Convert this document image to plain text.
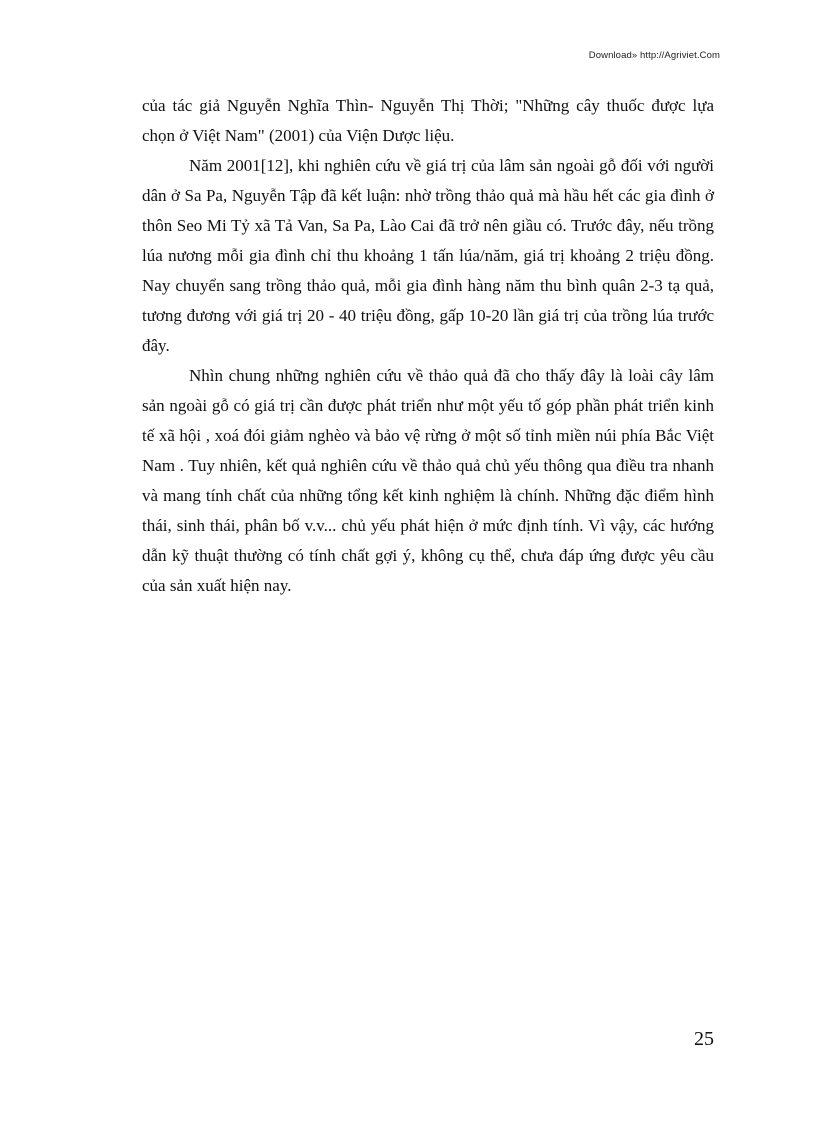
Download» http://Agriviet.Com

của tác giả Nguyễn Nghĩa Thìn- Nguyễn Thị Thời; "Những cây thuốc được lựa chọn ở Việt Nam" (2001) của Viện Dược liệu.

Năm 2001[12], khi nghiên cứu về giá trị của lâm sản ngoài gỗ đối với người dân ở Sa Pa, Nguyễn Tập đã kết luận: nhờ trồng thảo quả mà hầu hết các gia đình ở thôn Seo Mi Tỷ xã Tả Van, Sa Pa, Lào Cai đã trở nên giầu có. Trước đây, nếu trồng lúa nương mỗi gia đình chỉ thu khoảng 1 tấn lúa/năm, giá trị khoảng 2 triệu đồng. Nay chuyển sang trồng thảo quả, mỗi gia đình hàng năm thu bình quân 2-3 tạ quả, tương đương với giá trị 20 - 40 triệu đồng, gấp 10-20 lần giá trị của trồng lúa trước đây.

Nhìn chung những nghiên cứu về thảo quả đã cho thấy đây là loài cây lâm sản ngoài gỗ có giá trị cần được phát triển như một yếu tố góp phần phát triển kinh tế xã hội , xoá đói giảm nghèo và bảo vệ rừng ở một số tỉnh miền núi phía Bắc Việt Nam . Tuy nhiên, kết quả nghiên cứu về thảo quả chủ yếu thông qua điều tra nhanh và mang tính chất của những tổng kết kinh nghiệm là chính. Những đặc điểm hình thái, sinh thái, phân bố v.v... chủ yếu phát hiện ở mức định tính. Vì vậy, các hướng dẫn kỹ thuật thường có tính chất gợi ý, không cụ thể, chưa đáp ứng được yêu cầu của sản xuất hiện nay.

25
